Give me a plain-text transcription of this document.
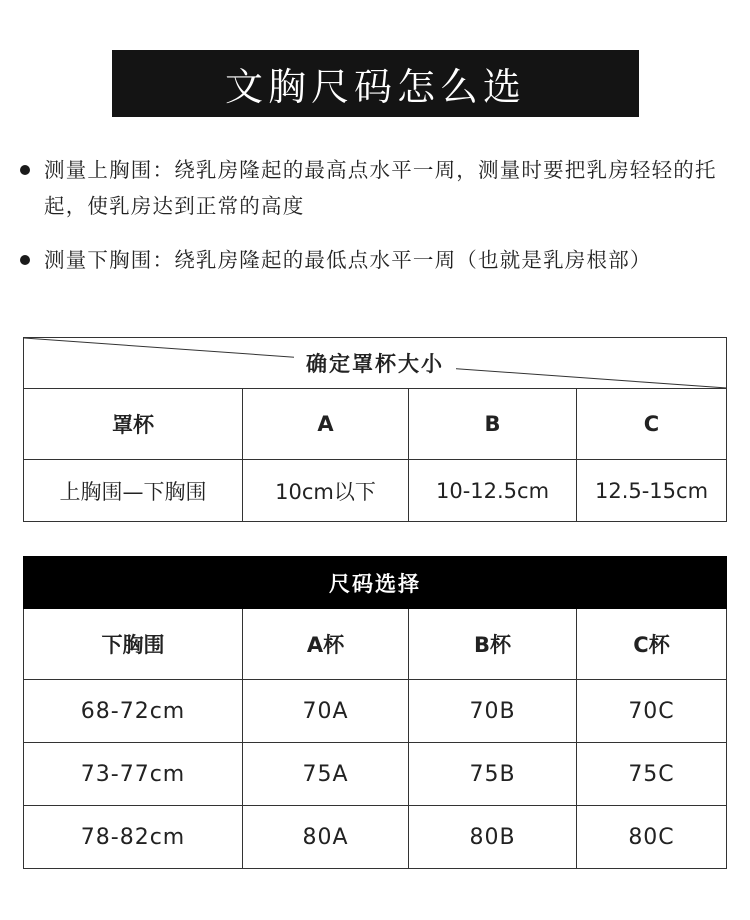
文胸尺码怎么选
测量上胸围：绕乳房隆起的最高点水平一周，测量时要把乳房轻轻的托起，使乳房达到正常的高度
测量下胸围：绕乳房隆起的最低点水平一周（也就是乳房根部）
确定罩杯大小			
罩杯	A	B	C
上胸围—下胸围	10cm以下	10-12.5cm	12.5-15cm
尺码选择			
下胸围	A杯	B杯	C杯
68-72cm	70A	70B	70C
73-77cm	75A	75B	75C
78-82cm	80A	80B	80C
